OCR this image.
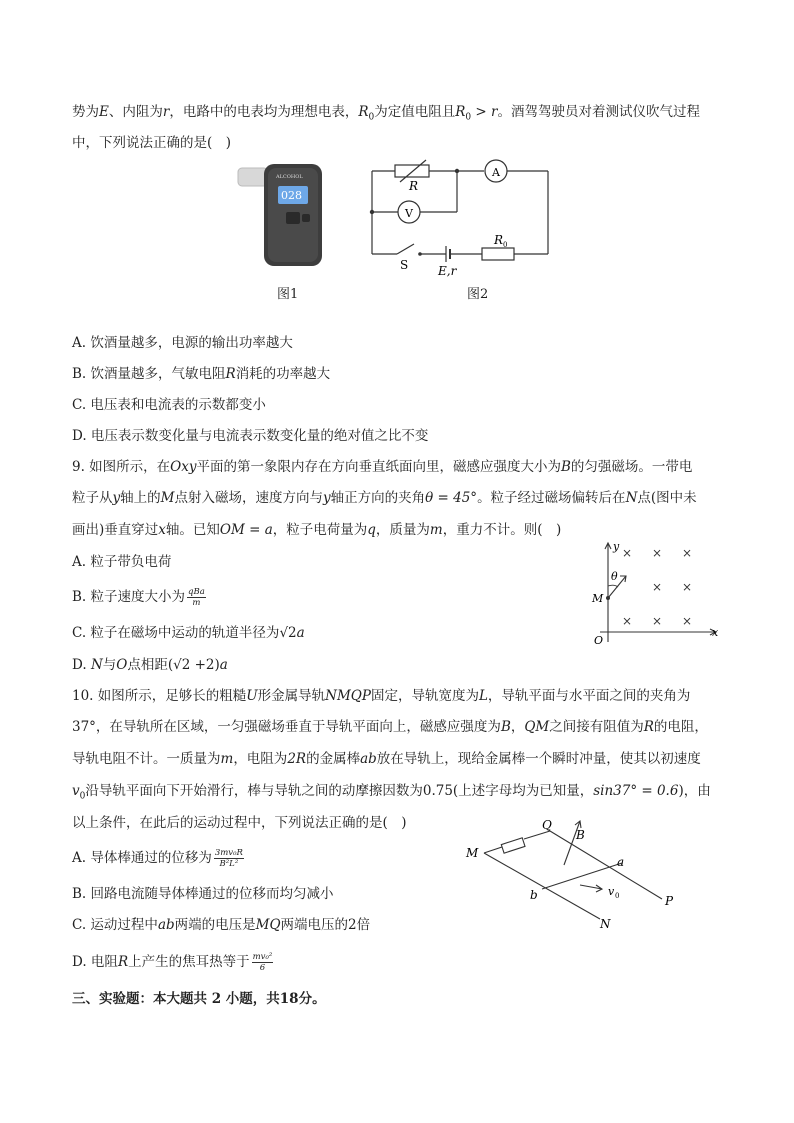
势为E、内阻为r，电路中的电表均为理想电表，$R_0$为定值电阻且$R_0 > r$。酒驾驾驶员对着测试仪吹气过程
中，下列说法正确的是(　)
ALCOHOL
028
图1
R
A
V
S
R 0
E,r
图2
A. 饮酒量越多，电源的输出功率越大
B. 饮酒量越多，气敏电阻R消耗的功率越大
C. 电压表和电流表的示数都变小
D. 电压表示数变化量与电流表示数变化量的绝对值之比不变
9. 如图所示，在Oxy平面的第一象限内存在方向垂直纸面向里，磁感应强度大小为B的匀强磁场。一带电
粒子从y轴上的M点射入磁场，速度方向与y轴正方向的夹角θ = 45°。粒子经过磁场偏转后在N点(图中未
画出)垂直穿过x轴。已知OM = a，粒子电荷量为q，质量为m，重力不计。则(　)
A. 粒子带负电荷
B. 粒子速度大小为 $\frac{\text{qBa}}{m}$
C. 粒子在磁场中运动的轨道半径为√2a
D. N与O点相距(√2 +2)a
× × ×
× ×
× × ×
y
x
O
M
θ
10. 如图所示，足够长的粗糙U形金属导轨NMQP固定，导轨宽度为L，导轨平面与水平面之间的夹角为
37°，在导轨所在区域，一匀强磁场垂直于导轨平面向上，磁感应强度为B，QM之间接有阻值为R的电阻，
导轨电阻不计。一质量为m，电阻为2R的金属棒ab放在导轨上，现给金属棒一个瞬时冲量，使其以初速度
$v_0$沿导轨平面向下开始滑行，棒与导轨之间的动摩擦因数为0.75(上述字母均为已知量，sin37° = 0.6)，由
以上条件，在此后的运动过程中，下列说法正确的是(　)
A. 导体棒通过的位移为 $\frac{\text{3mv₀R}}{\text{B²L²}}$
B. 回路电流随导体棒通过的位移而均匀减小
C. 运动过程中ab两端的电压是MQ两端电压的2倍
D. 电阻R上产生的焦耳热等于 $\frac{\text{mv₀²}}{6}$
M
Q
B
a
b	v 0	P
N
三、实验题：本大题共 2 小题，共18分。
